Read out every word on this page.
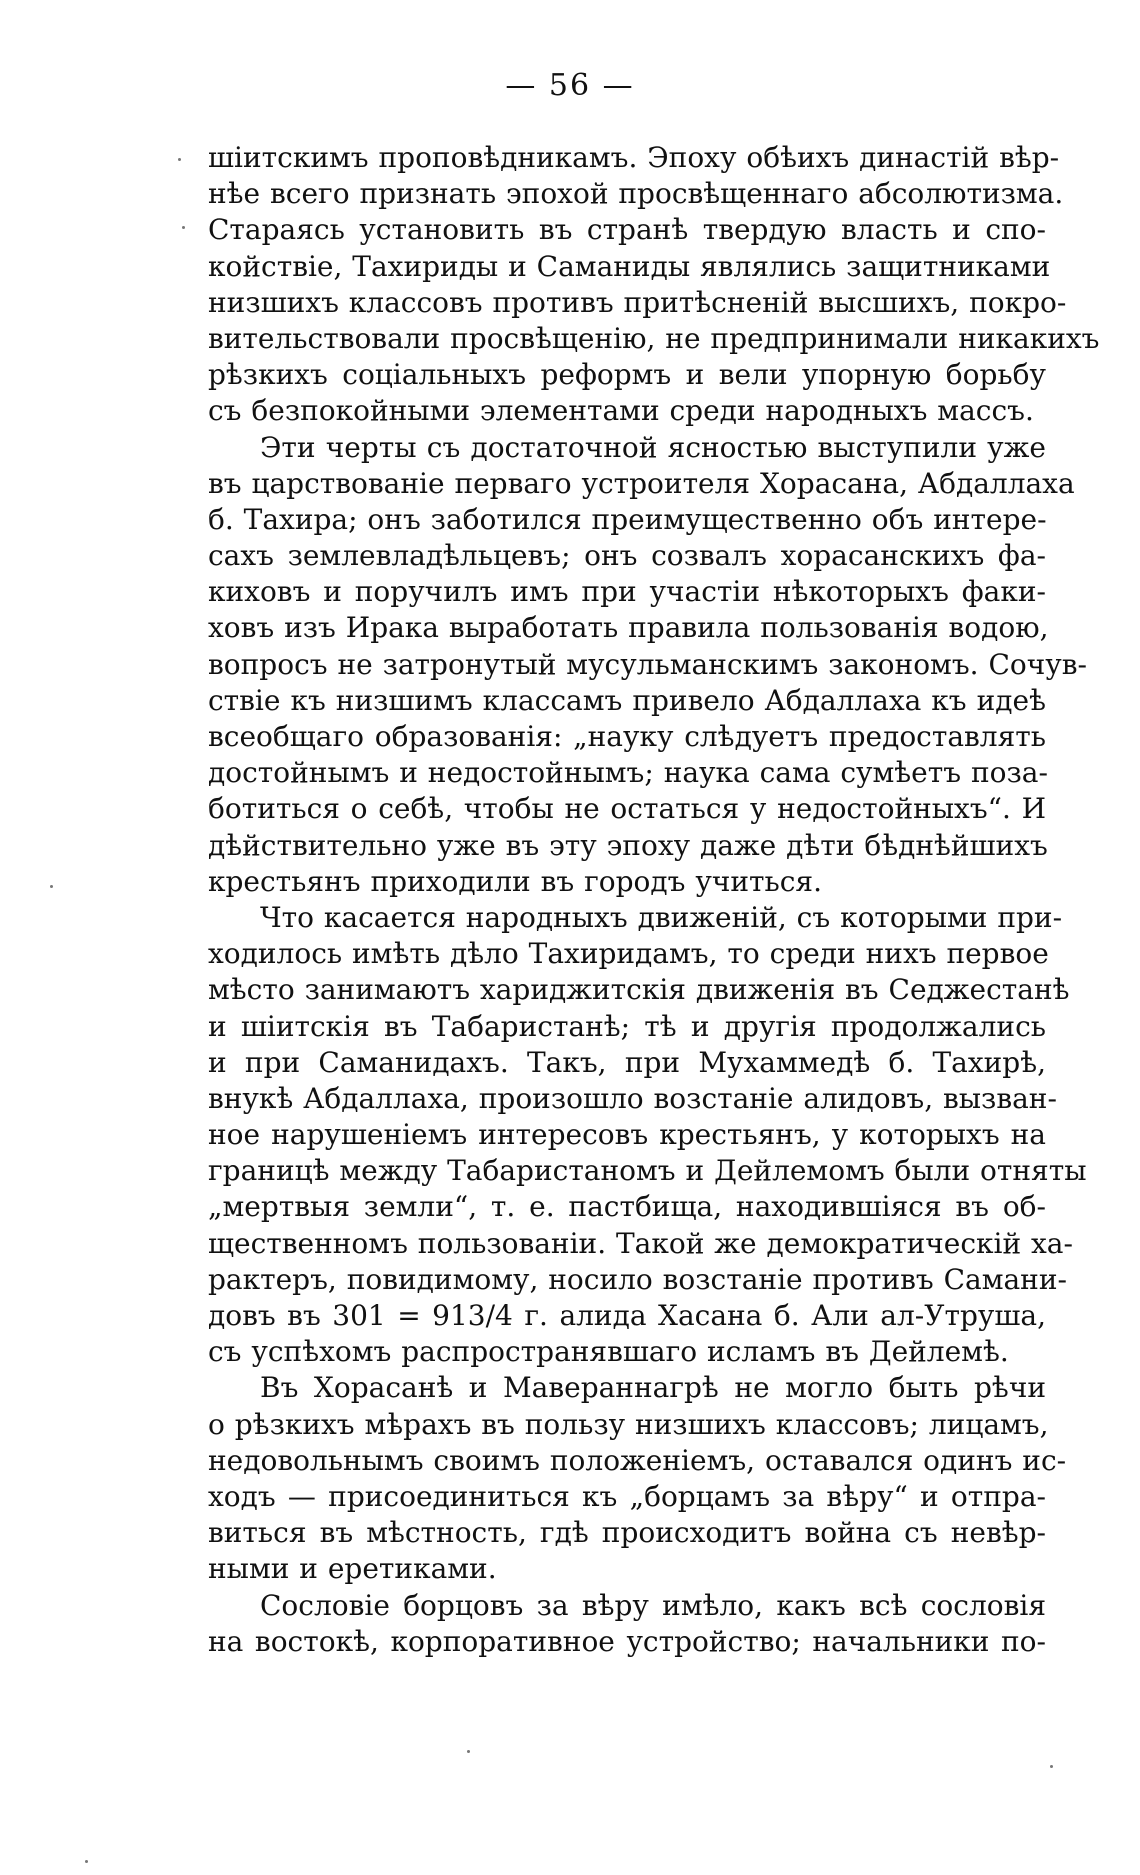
— 56 —
шiитскимъ проповѣдникамъ. Эпоху обѣихъ династiй вѣр-
нѣе всего признать эпохой просвѣщеннаго абсолютизма.
Стараясь установить въ странѣ твердую власть и спо-
койствiе, Тахириды и Саманиды являлись защитниками
низшихъ классовъ противъ притѣсненiй высшихъ, покро-
вительствовали просвѣщенiю, не предпринимали никакихъ
рѣзкихъ соцiальныхъ реформъ и вели упорную борьбу
съ безпокойными элементами среди народныхъ массъ.
Эти черты съ достаточной ясностью выступили уже
въ царствованiе перваго устроителя Хорасана, Абдаллаха
б. Тахира; онъ заботился преимущественно объ интере-
сахъ землевладѣльцевъ; онъ созвалъ хорасанскихъ фа-
киховъ и поручилъ имъ при участiи нѣкоторыхъ факи-
ховъ изъ Ирака выработать правила пользованiя водою,
вопросъ не затронутый мусульманскимъ закономъ. Сочув-
ствiе къ низшимъ классамъ привело Абдаллаха къ идеѣ
всеобщаго образованiя: „науку слѣдуетъ предоставлять
достойнымъ и недостойнымъ; наука сама сумѣетъ поза-
ботиться о себѣ, чтобы не остаться у недостойныхъ“. И
дѣйствительно уже въ эту эпоху даже дѣти бѣднѣйшихъ
крестьянъ приходили въ городъ учиться.
Что касается народныхъ движенiй, съ которыми при-
ходилось имѣть дѣло Тахиридамъ, то среди нихъ первое
мѣсто занимаютъ хариджитскiя движенiя въ Седжестанѣ
и шiитскiя въ Табаристанѣ; тѣ и другiя продолжались
и при Саманидахъ. Такъ, при Мухаммедѣ б. Тахирѣ,
внукѣ Абдаллаха, произошло возстанiе алидовъ, вызван-
ное нарушенiемъ интересовъ крестьянъ, у которыхъ на
границѣ между Табаристаномъ и Дейлемомъ были отняты
„мертвыя земли“, т. е. пастбища, находившiяся въ об-
щественномъ пользованiи. Такой же демократическiй ха-
рактеръ, повидимому, носило возстанiе противъ Самани-
довъ въ 301 = 913/4 г. алида Хасана б. Али ал-Утруша,
съ успѣхомъ распространявшаго исламъ въ Дейлемѣ.
Въ Хорасанѣ и Мавераннагрѣ не могло быть рѣчи
о рѣзкихъ мѣрахъ въ пользу низшихъ классовъ; лицамъ,
недовольнымъ своимъ положенiемъ, оставался одинъ ис-
ходъ — присоединиться къ „борцамъ за вѣру“ и отпра-
виться въ мѣстность, гдѣ происходитъ война съ невѣр-
ными и еретиками.
Сословiе борцовъ за вѣру имѣло, какъ всѣ сословiя
на востокѣ, корпоративное устройство; начальники по-
